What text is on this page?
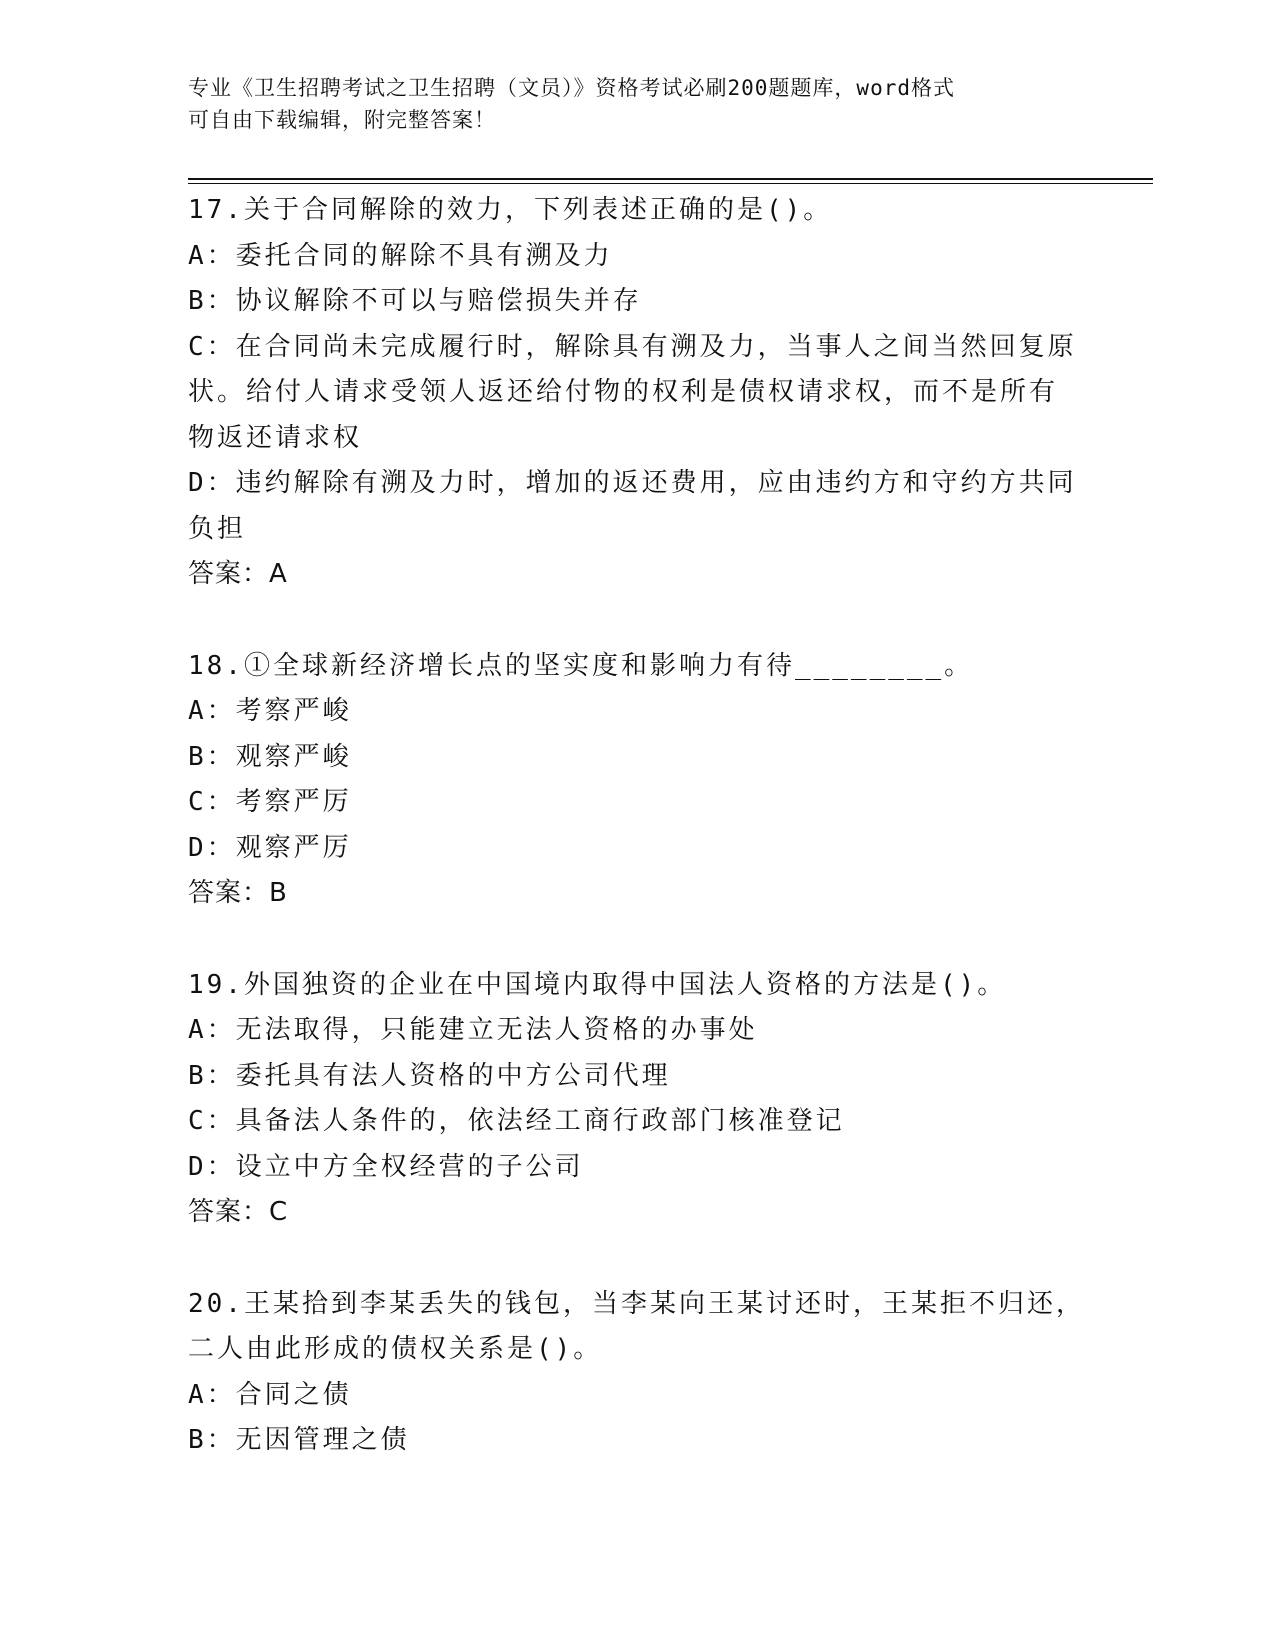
专业《卫生招聘考试之卫生招聘（文员）》资格考试必刷200题题库，word格式
可自由下载编辑，附完整答案！
17.关于合同解除的效力，下列表述正确的是()。
A：委托合同的解除不具有溯及力
B：协议解除不可以与赔偿损失并存
C：在合同尚未完成履行时，解除具有溯及力，当事人之间当然回复原
状。给付人请求受领人返还给付物的权利是债权请求权，而不是所有
物返还请求权
D：违约解除有溯及力时，增加的返还费用，应由违约方和守约方共同
负担
答案：A
18.①全球新经济增长点的坚实度和影响力有待________。
A：考察严峻
B：观察严峻
C：考察严厉
D：观察严厉
答案：B
19.外国独资的企业在中国境内取得中国法人资格的方法是()。
A：无法取得，只能建立无法人资格的办事处
B：委托具有法人资格的中方公司代理
C：具备法人条件的，依法经工商行政部门核准登记
D：设立中方全权经营的子公司
答案：C
20.王某拾到李某丢失的钱包，当李某向王某讨还时，王某拒不归还，
二人由此形成的债权关系是()。
A：合同之债
B：无因管理之债
